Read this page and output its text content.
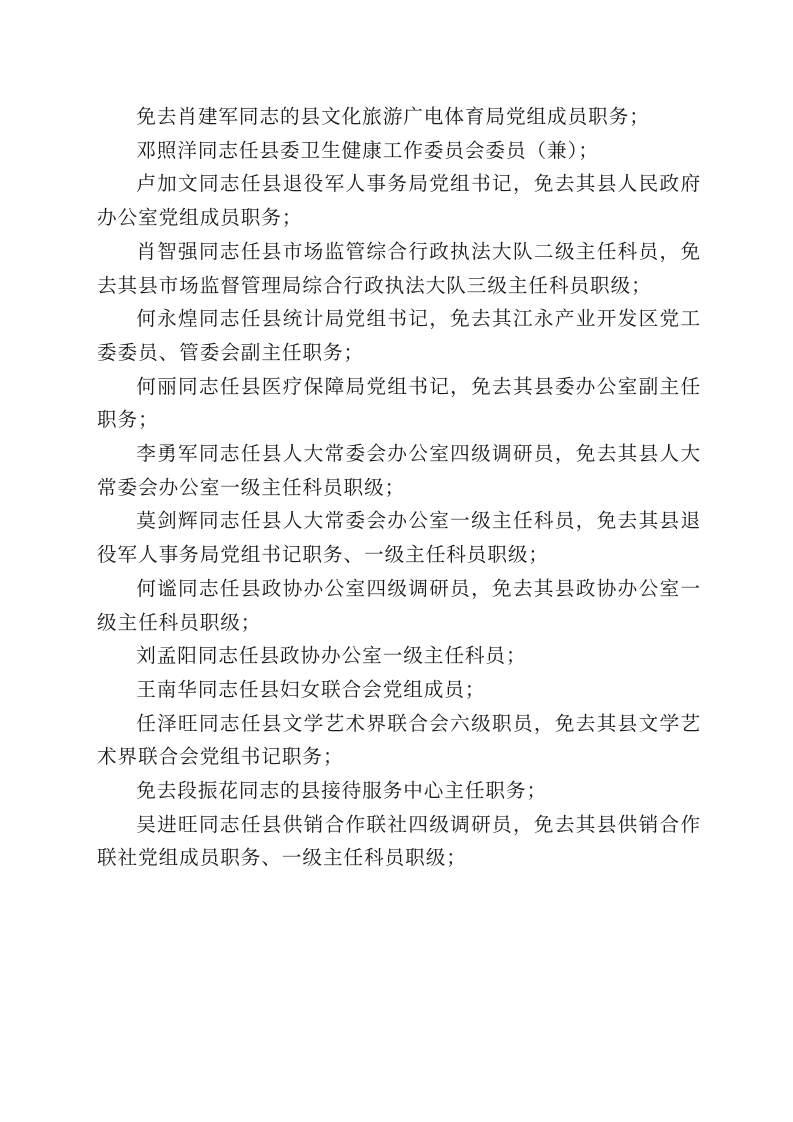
免去肖建军同志的县文化旅游广电体育局党组成员职务；

邓照洋同志任县委卫生健康工作委员会委员（兼）；

卢加文同志任县退役军人事务局党组书记，免去其县人民政府办公室党组成员职务；

肖智强同志任县市场监管综合行政执法大队二级主任科员，免去其县市场监督管理局综合行政执法大队三级主任科员职级；

何永煌同志任县统计局党组书记，免去其江永产业开发区党工委委员、管委会副主任职务；

何丽同志任县医疗保障局党组书记，免去其县委办公室副主任职务；

李勇军同志任县人大常委会办公室四级调研员，免去其县人大常委会办公室一级主任科员职级；

莫剑辉同志任县人大常委会办公室一级主任科员，免去其县退役军人事务局党组书记职务、一级主任科员职级；

何谧同志任县政协办公室四级调研员，免去其县政协办公室一级主任科员职级；

刘孟阳同志任县政协办公室一级主任科员；

王南华同志任县妇女联合会党组成员；

任泽旺同志任县文学艺术界联合会六级职员，免去其县文学艺术界联合会党组书记职务；

免去段振花同志的县接待服务中心主任职务；

吴进旺同志任县供销合作联社四级调研员，免去其县供销合作联社党组成员职务、一级主任科员职级；
